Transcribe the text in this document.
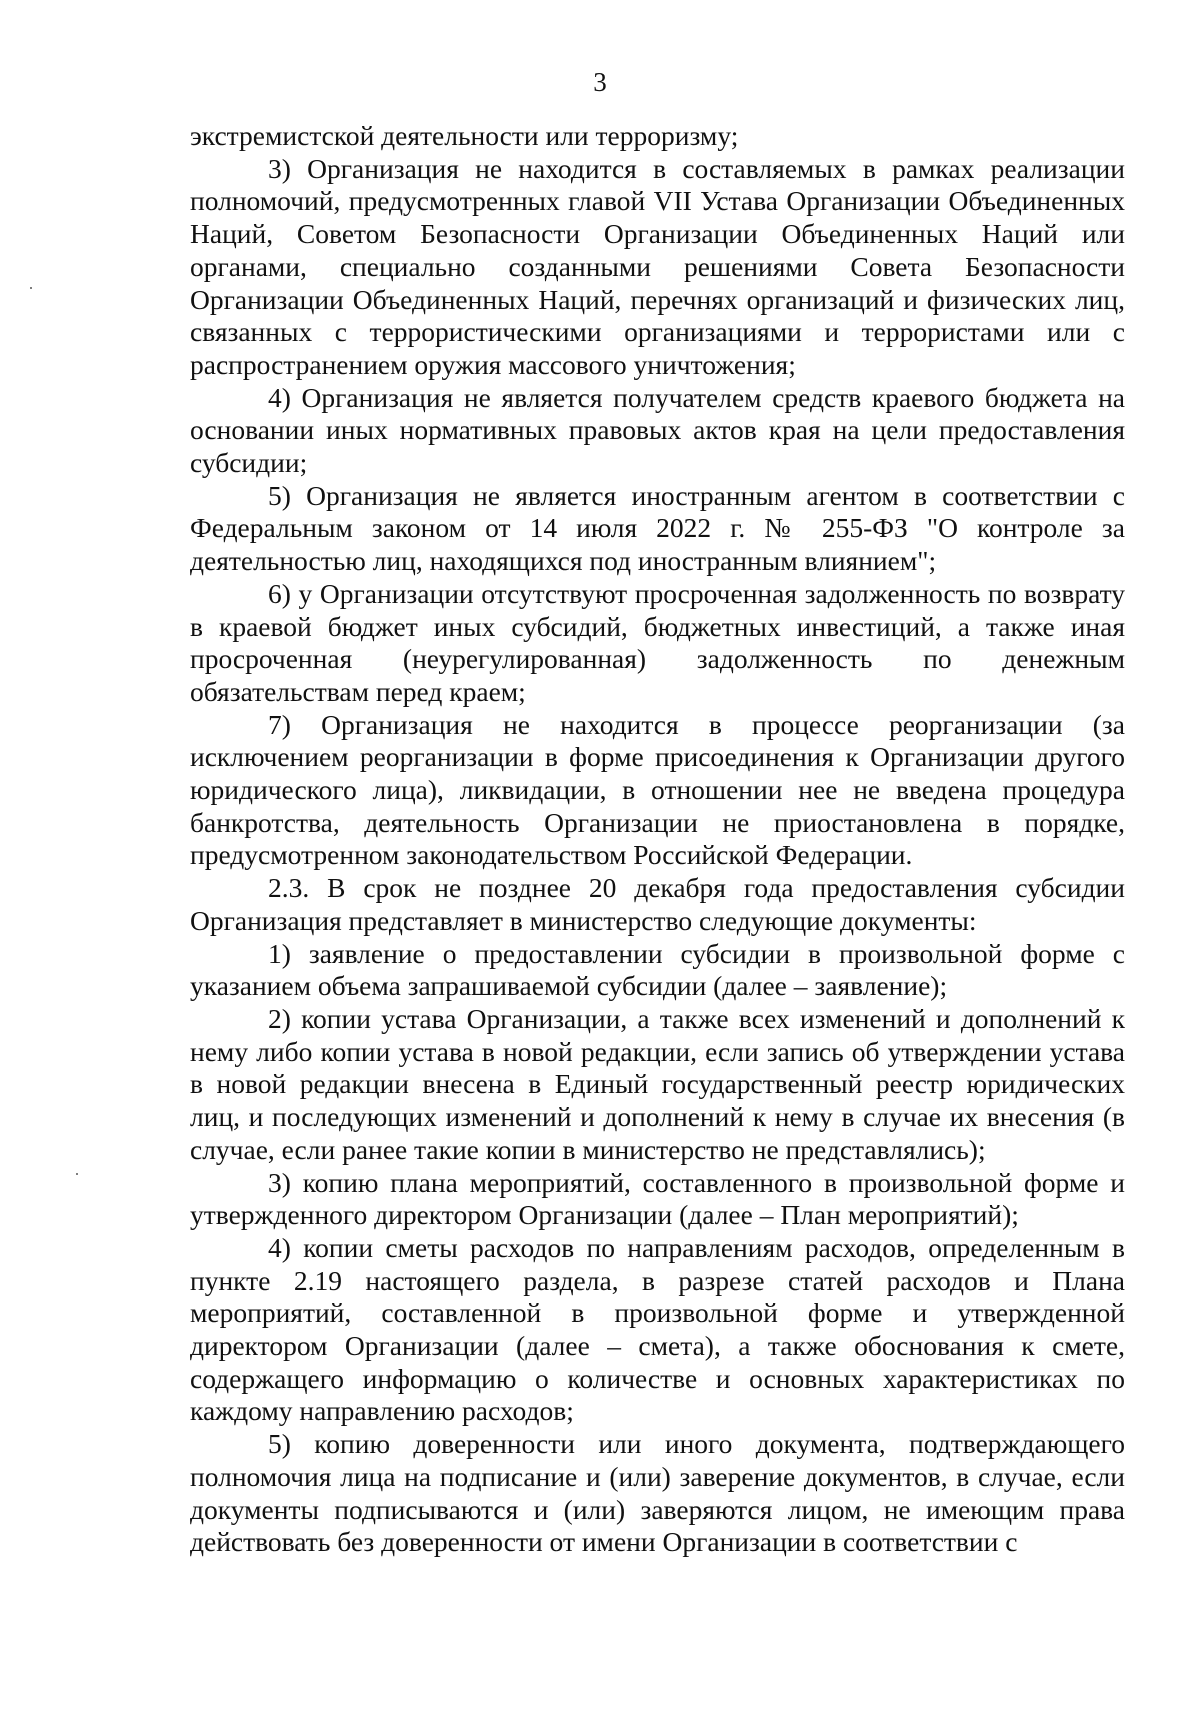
3

экстремистской деятельности или терроризму;

3) Организация не находится в составляемых в рамках реализации полномочий, предусмотренных главой VII Устава Организации Объединенных Наций, Советом Безопасности Организации Объединенных Наций или органами, специально созданными решениями Совета Безопасности Организации Объединенных Наций, перечнях организаций и физических лиц, связанных с террористическими организациями и террористами или с распространением оружия массового уничтожения;

4) Организация не является получателем средств краевого бюджета на основании иных нормативных правовых актов края на цели предоставления субсидии;

5) Организация не является иностранным агентом в соответствии с Федеральным законом от 14 июля 2022 г. № 255-ФЗ "О контроле за деятельностью лиц, находящихся под иностранным влиянием";

6) у Организации отсутствуют просроченная задолженность по возврату в краевой бюджет иных субсидий, бюджетных инвестиций, а также иная просроченная (неурегулированная) задолженность по денежным обязательствам перед краем;

7) Организация не находится в процессе реорганизации (за исключением реорганизации в форме присоединения к Организации другого юридического лица), ликвидации, в отношении нее не введена процедура банкротства, деятельность Организации не приостановлена в порядке, предусмотренном законодательством Российской Федерации.

2.3. В срок не позднее 20 декабря года предоставления субсидии Организация представляет в министерство следующие документы:

1) заявление о предоставлении субсидии в произвольной форме с указанием объема запрашиваемой субсидии (далее – заявление);

2) копии устава Организации, а также всех изменений и дополнений к нему либо копии устава в новой редакции, если запись об утверждении устава в новой редакции внесена в Единый государственный реестр юридических лиц, и последующих изменений и дополнений к нему в случае их внесения (в случае, если ранее такие копии в министерство не представлялись);

3) копию плана мероприятий, составленного в произвольной форме и утвержденного директором Организации (далее – План мероприятий);

4) копии сметы расходов по направлениям расходов, определенным в пункте 2.19 настоящего раздела, в разрезе статей расходов и Плана мероприятий, составленной в произвольной форме и утвержденной директором Организации (далее – смета), а также обоснования к смете, содержащего информацию о количестве и основных характеристиках по каждому направлению расходов;

5) копию доверенности или иного документа, подтверждающего полномочия лица на подписание и (или) заверение документов, в случае, если документы подписываются и (или) заверяются лицом, не имеющим права действовать без доверенности от имени Организации в соответствии с
